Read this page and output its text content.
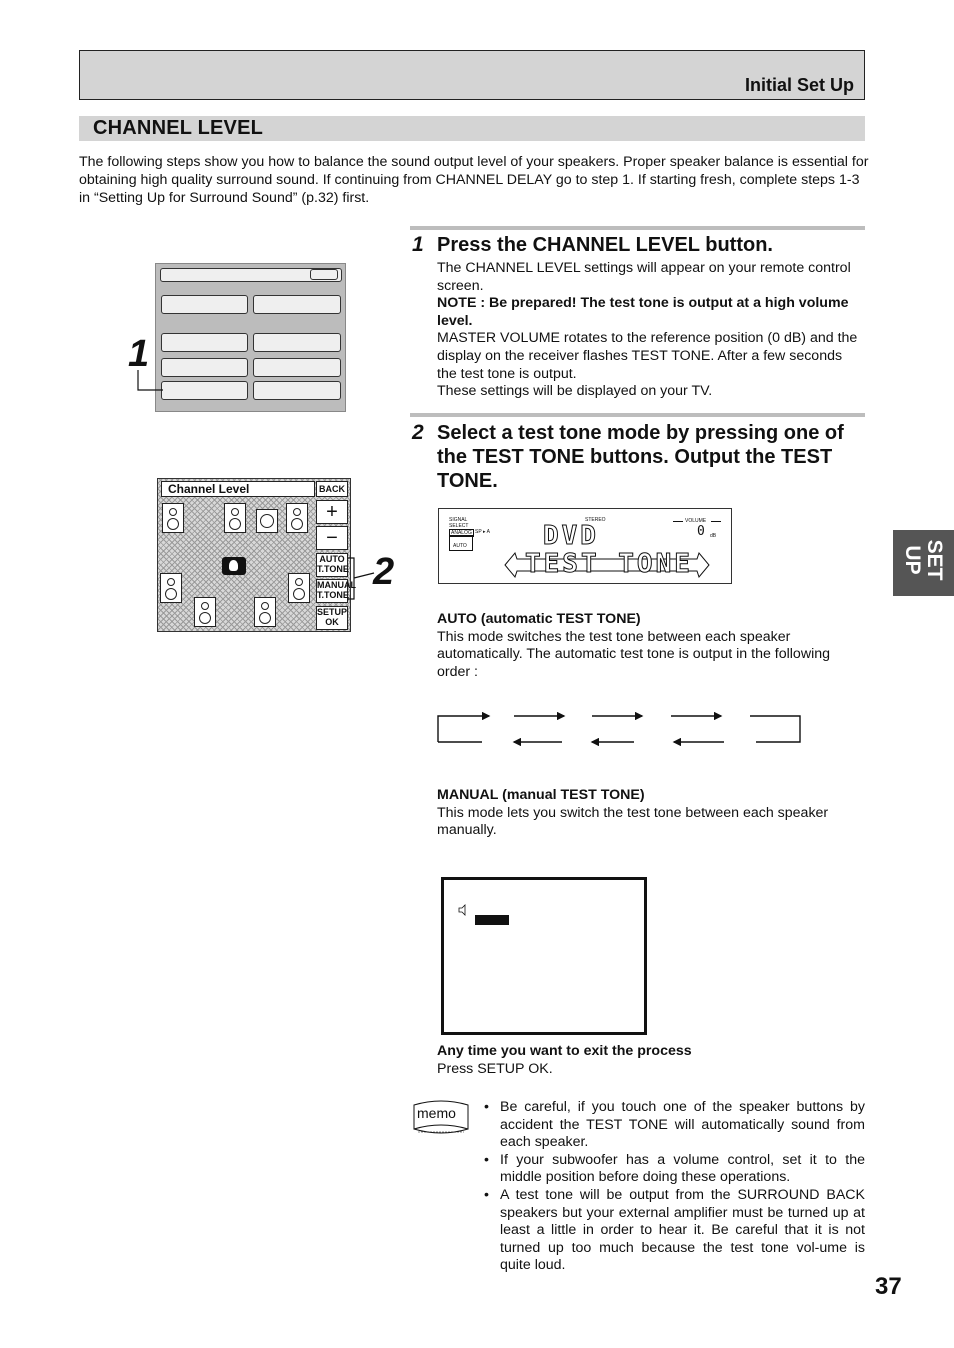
Initial Set Up
CHANNEL LEVEL
The following steps show you how to balance the sound output level of your speakers. Proper speaker balance is essential for obtaining high quality surround sound. If continuing from CHANNEL DELAY go to step 1. If starting fresh, complete steps 1-3 in “Setting Up for Surround Sound” (p.32) first.
1 Press the CHANNEL LEVEL button.
The CHANNEL LEVEL settings will appear on your remote control screen.
NOTE : Be prepared! The test tone is output at a high volume level.
MASTER VOLUME rotates to the reference position (0 dB) and the display on the receiver flashes TEST TONE. After a few seconds the test tone is output.
These settings will be displayed on your TV.
1
Channel Level	BACK
+
−
AUTO
T.TONE
MANUAL
T.TONE
SETUP
OK
2
2 Select a test tone mode by pressing one of the TEST TONE buttons. Output the TEST TONE.
SIGNAL SELECT
ANALOG SP ▸ A
AUTO
STEREO	VOLUME
0 dB
DVD
TEST TONE
AUTO (automatic TEST TONE)
This mode switches the test tone between each speaker automatically. The automatic test tone is output in the following order :
MANUAL (manual TEST TONE)
This mode lets you switch the test tone between each speaker manually.
Any time you want to exit the process
Press SETUP OK.
memo
•	Be careful, if you touch one of the speaker buttons by accident the TEST TONE will automatically sound from each speaker.
• If your subwoofer has a volume control, set it to the middle position before doing these operations.
• A test tone will be output from the SURROUND BACK speakers but your external amplifier must be turned up at least a little in order to hear it. Be careful that it is not turned up too much because the test tone vol-ume is quite loud.
SET UP
37
